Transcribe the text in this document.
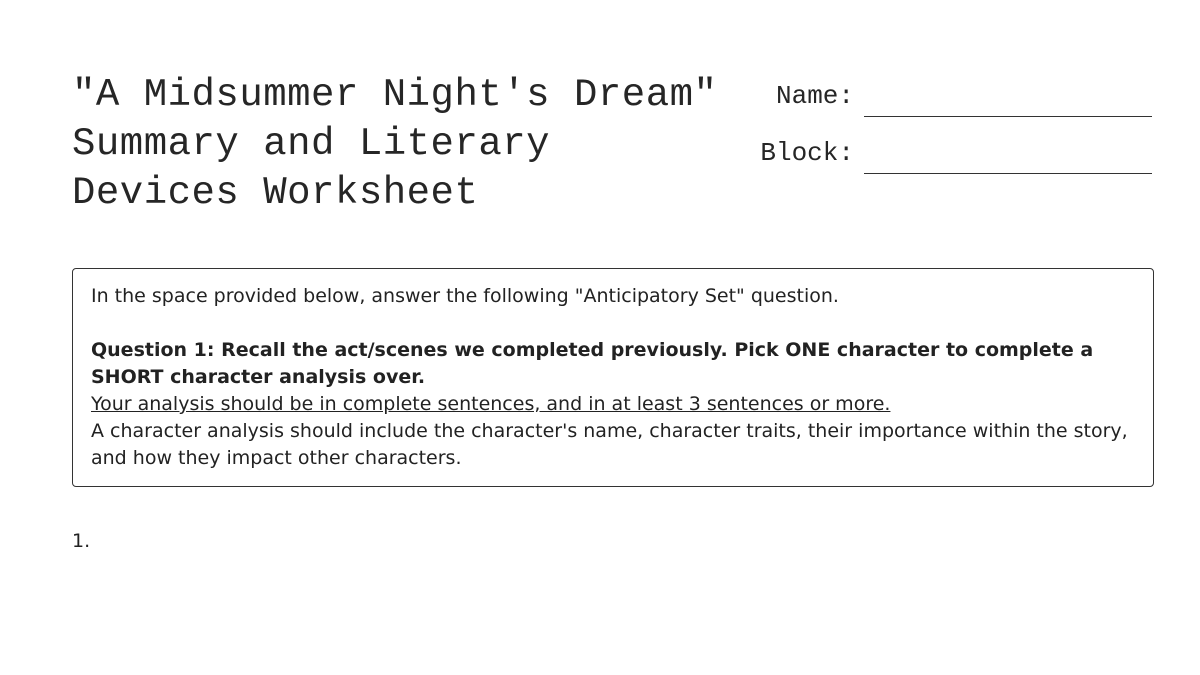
"A Midsummer Night's Dream" Summary and Literary Devices Worksheet
Name:
Block:

In the space provided below, answer the following "Anticipatory Set" question.

Question 1: Recall the act/scenes we completed previously. Pick ONE character to complete a SHORT character analysis over.

Your analysis should be in complete sentences, and in at least 3 sentences or more.

A character analysis should include the character's name, character traits, their importance within the story, and how they impact other characters.

1.
